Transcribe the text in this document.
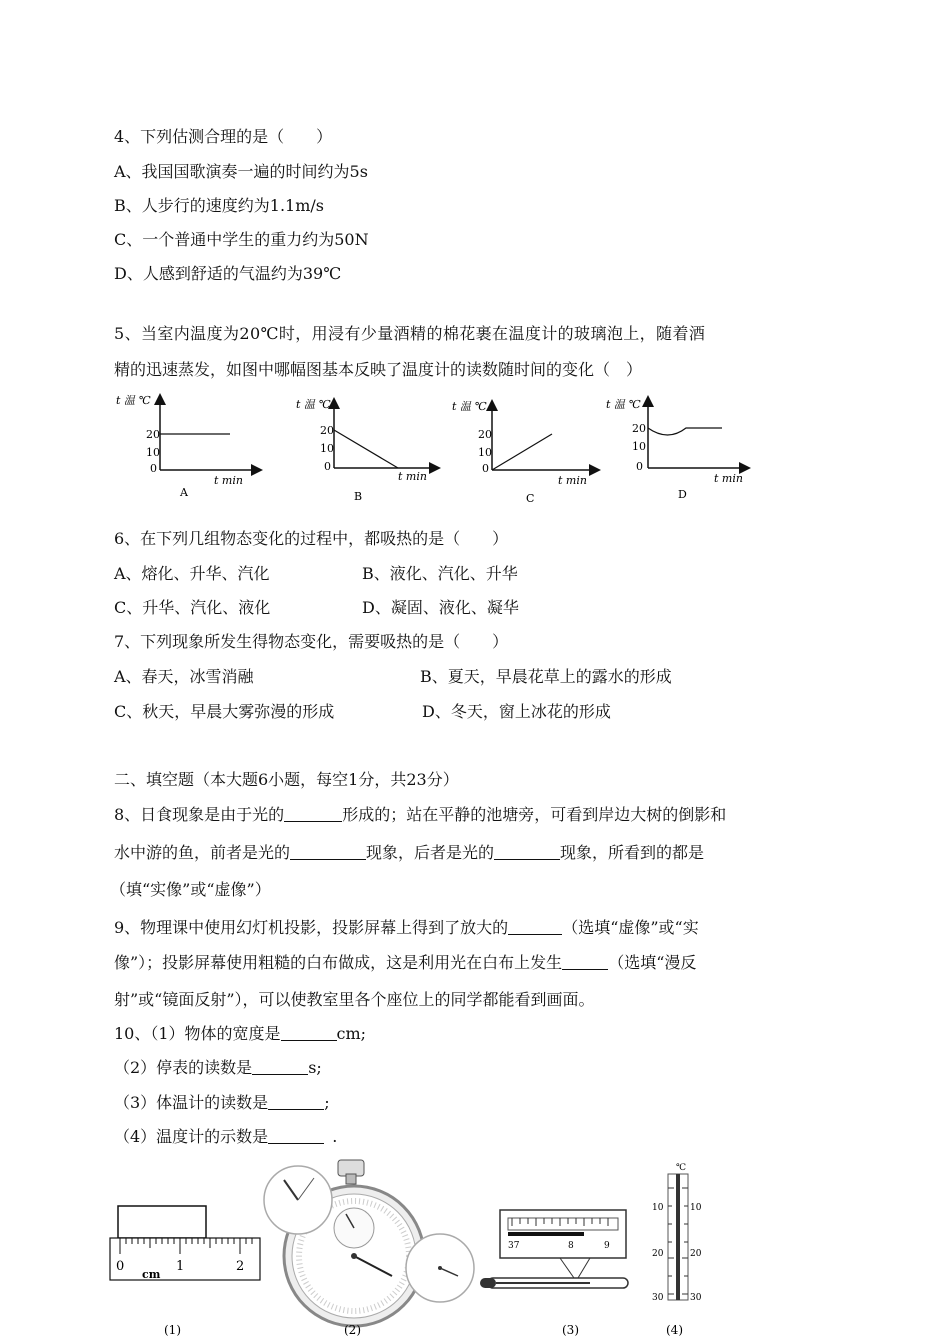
4、下列估测合理的是（　　）
A、我国国歌演奏一遍的时间约为5s
B、人步行的速度约为1.1m/s
C、一个普通中学生的重力约为50N
D、人感到舒适的气温约为39℃
5、当室内温度为20℃时，用浸有少量酒精的棉花裹在温度计的玻璃泡上，随着酒
精的迅速蒸发，如图中哪幅图基本反映了温度计的读数随时间的变化（　）
t 温 ℃
20
10
0
t min
A
t 温 ℃
20
10
0
t min
B
t 温 ℃
20
10
0
t min
C
t 温 ℃
20
10
0
t min
D
6、在下列几组物态变化的过程中，都吸热的是（　　）
A、熔化、升华、汽化	B、液化、汽化、升华
C、升华、汽化、液化	D、凝固、液化、凝华
7、下列现象所发生得物态变化，需要吸热的是（　　）
A、春天，冰雪消融	B、夏天，早晨花草上的露水的形成
C、秋天，早晨大雾弥漫的形成	D、冬天，窗上冰花的形成
二、填空题（本大题6小题，每空1分，共23分）
8、日食现象是由于光的	形成的；站在平静的池塘旁，可看到岸边大树的倒影和
水中游的鱼，前者是光的	现象，后者是光的	现象，所看到的都是
（填“实像”或“虚像”）
9、物理课中使用幻灯机投影，投影屏幕上得到了放大的	（选填“虚像”或“实
像”）；投影屏幕使用粗糙的白布做成，这是利用光在白布上发生	（选填“漫反
射”或“镜面反射”），可以使教室里各个座位上的同学都能看到画面。
10、（1）物体的宽度是	cm;
（2）停表的读数是	s;
（3）体温计的读数是	;
（4）温度计的示数是	.
0	1	2
cm
37	8	9
℃
10	10
20	20
30	30
(1)	(2)	(3)	(4)
